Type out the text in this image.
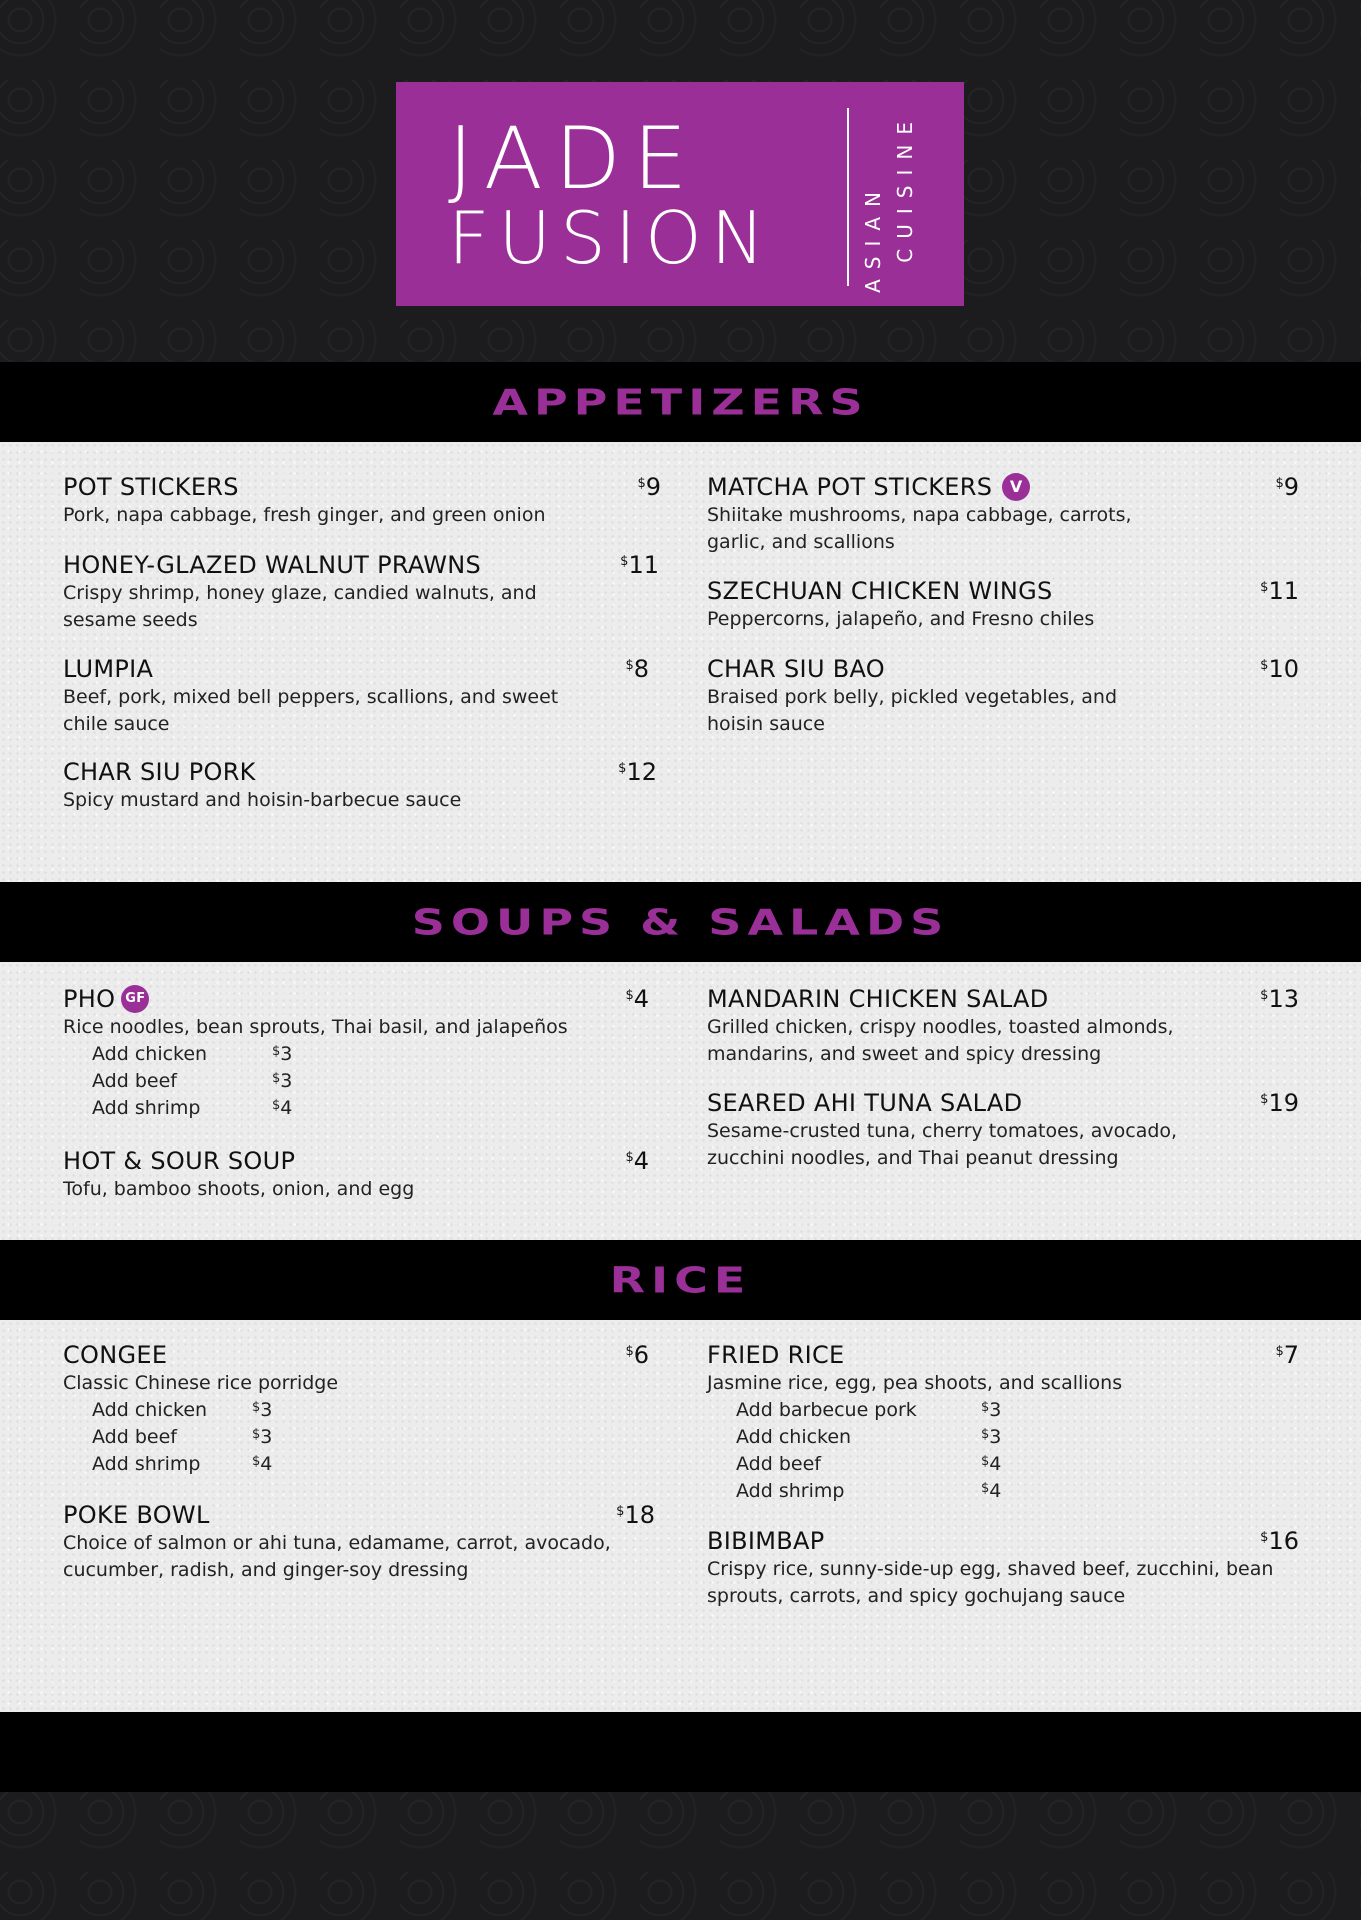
JADE
FUSION	ASIAN CUISINE
APPETIZERS
POT STICKERS	$9
Pork, napa cabbage, fresh ginger, and green onion
HONEY-GLAZED WALNUT PRAWNS	$11
Crispy shrimp, honey glaze, candied walnuts, and sesame seeds
LUMPIA	$8
Beef, pork, mixed bell peppers, scallions, and sweet chile sauce
CHAR SIU PORK	$12
Spicy mustard and hoisin-barbecue sauce
MATCHA POT STICKERS	V	$9
Shiitake mushrooms, napa cabbage, carrots, garlic, and scallions
SZECHUAN CHICKEN WINGS	$11
Peppercorns, jalapeño, and Fresno chiles
CHAR SIU BAO	$10
Braised pork belly, pickled vegetables, and hoisin sauce
SOUPS & SALADS
PHO GF	$4
Rice noodles, bean sprouts, Thai basil, and jalapeños
Add chicken	$3
Add beef	$3
Add shrimp	$4
HOT & SOUR SOUP	$4
Tofu, bamboo shoots, onion, and egg
MANDARIN CHICKEN SALAD	$13
Grilled chicken, crispy noodles, toasted almonds, mandarins, and sweet and spicy dressing
SEARED AHI TUNA SALAD	$19
Sesame-crusted tuna, cherry tomatoes, avocado, zucchini noodles, and Thai peanut dressing
RICE
CONGEE	$6
Classic Chinese rice porridge
Add chicken	$3
Add beef	$3
Add shrimp	$4
POKE BOWL	$18
Choice of salmon or ahi tuna, edamame, carrot, avocado, cucumber, radish, and ginger-soy dressing
FRIED RICE	$7
Jasmine rice, egg, pea shoots, and scallions
Add barbecue pork	$3
Add chicken	$3
Add beef	$4
Add shrimp	$4
BIBIMBAP	$16
Crispy rice, sunny-side-up egg, shaved beef, zucchini, bean sprouts, carrots, and spicy gochujang sauce
